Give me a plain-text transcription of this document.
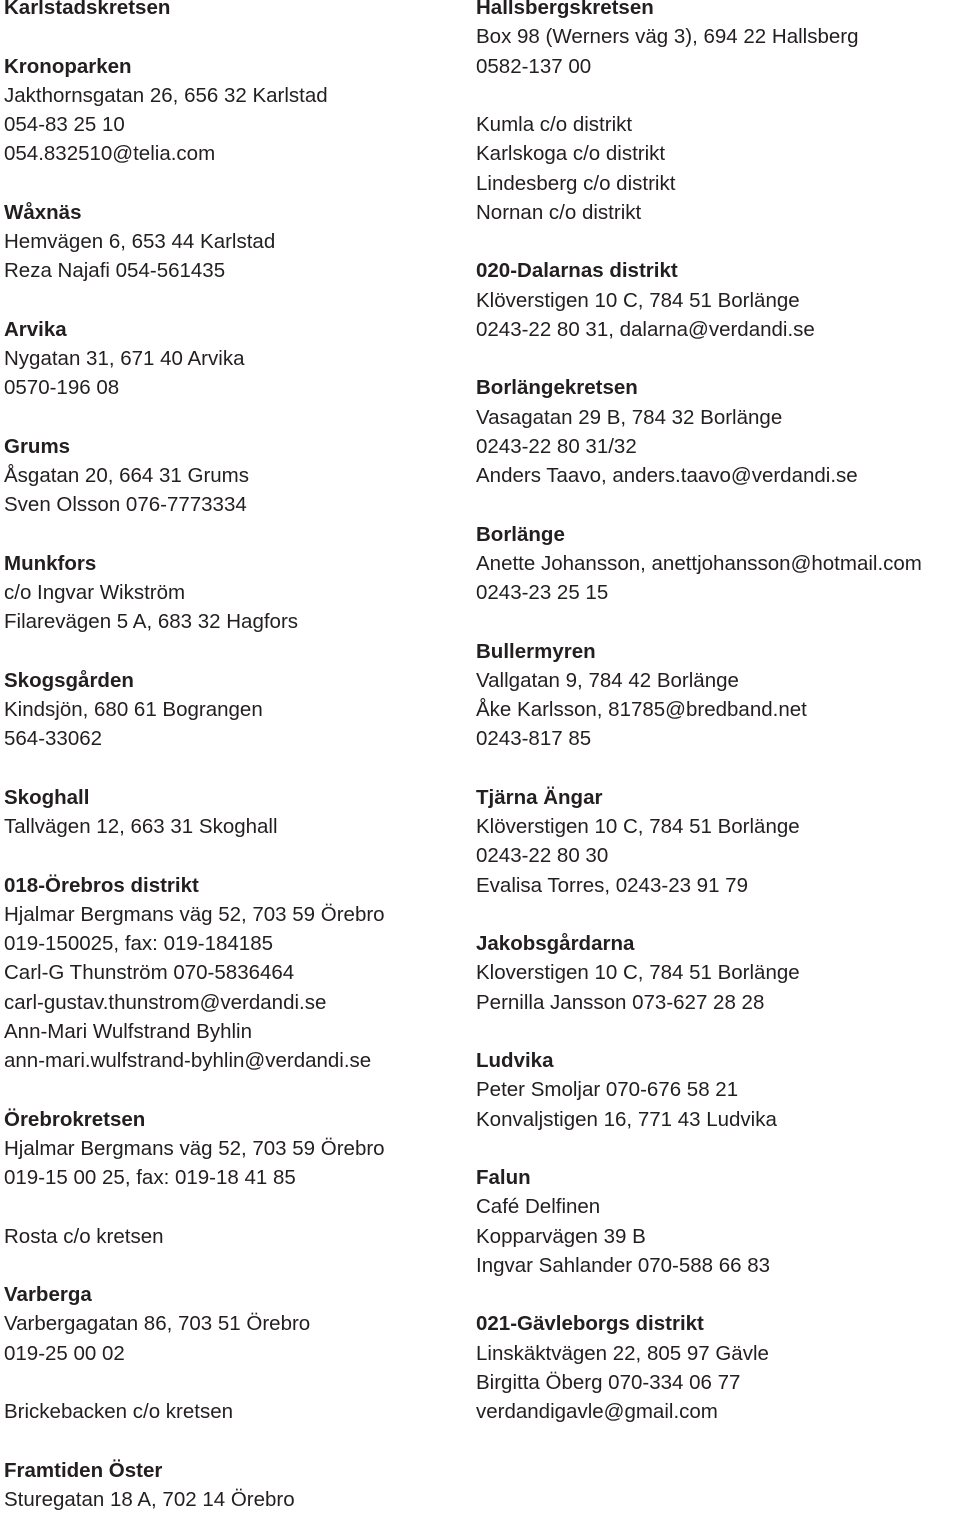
Karlstadskretsen
Kronoparken
Jakthornsgatan 26, 656 32 Karlstad
054-83 25 10
054.832510@telia.com
Wåxnäs
Hemvägen 6, 653 44 Karlstad
Reza Najafi 054-561435
Arvika
Nygatan 31, 671 40 Arvika
0570-196 08
Grums
Åsgatan 20, 664 31 Grums
Sven Olsson 076-7773334
Munkfors
c/o Ingvar Wikström
Filarevägen 5 A, 683 32 Hagfors
Skogsgården
Kindsjön, 680 61 Bograngen
564-33062
Skoghall
Tallvägen 12, 663 31 Skoghall
018-Örebros distrikt
Hjalmar Bergmans väg 52, 703 59 Örebro
019-150025, fax: 019-184185
Carl-G Thunström 070-5836464
carl-gustav.thunstrom@verdandi.se
Ann-Mari Wulfstrand Byhlin
ann-mari.wulfstrand-byhlin@verdandi.se
Örebrokretsen
Hjalmar Bergmans väg 52, 703 59 Örebro
019-15 00 25, fax: 019-18 41 85
Rosta c/o kretsen
Varberga
Varbergagatan 86, 703 51 Örebro
019-25 00 02
Brickebacken c/o kretsen
Framtiden Öster
Sturegatan 18 A, 702 14 Örebro
Hallsbergskretsen
Box 98 (Werners väg 3), 694 22 Hallsberg
0582-137 00
Kumla c/o distrikt
Karlskoga c/o distrikt
Lindesberg c/o distrikt
Nornan c/o distrikt
020-Dalarnas distrikt
Klöverstigen 10 C, 784 51 Borlänge
0243-22 80 31, dalarna@verdandi.se
Borlängekretsen
Vasagatan 29 B, 784 32 Borlänge
0243-22 80 31/32
Anders Taavo, anders.taavo@verdandi.se
Borlänge
Anette Johansson, anettjohansson@hotmail.com
0243-23 25 15
Bullermyren
Vallgatan 9, 784 42 Borlänge
Åke Karlsson, 81785@bredband.net
0243-817 85
Tjärna Ängar
Klöverstigen 10 C, 784 51 Borlänge
0243-22 80 30
Evalisa Torres, 0243-23 91 79
Jakobsgårdarna
Kloverstigen 10 C, 784 51 Borlänge
Pernilla Jansson 073-627 28 28
Ludvika
Peter Smoljar 070-676 58 21
Konvaljstigen 16, 771 43 Ludvika
Falun
Café Delfinen
Kopparvägen 39 B
Ingvar Sahlander 070-588 66 83
021-Gävleborgs distrikt
Linskäktvägen 22, 805 97 Gävle
Birgitta Öberg 070-334 06 77
verdandigavle@gmail.com
